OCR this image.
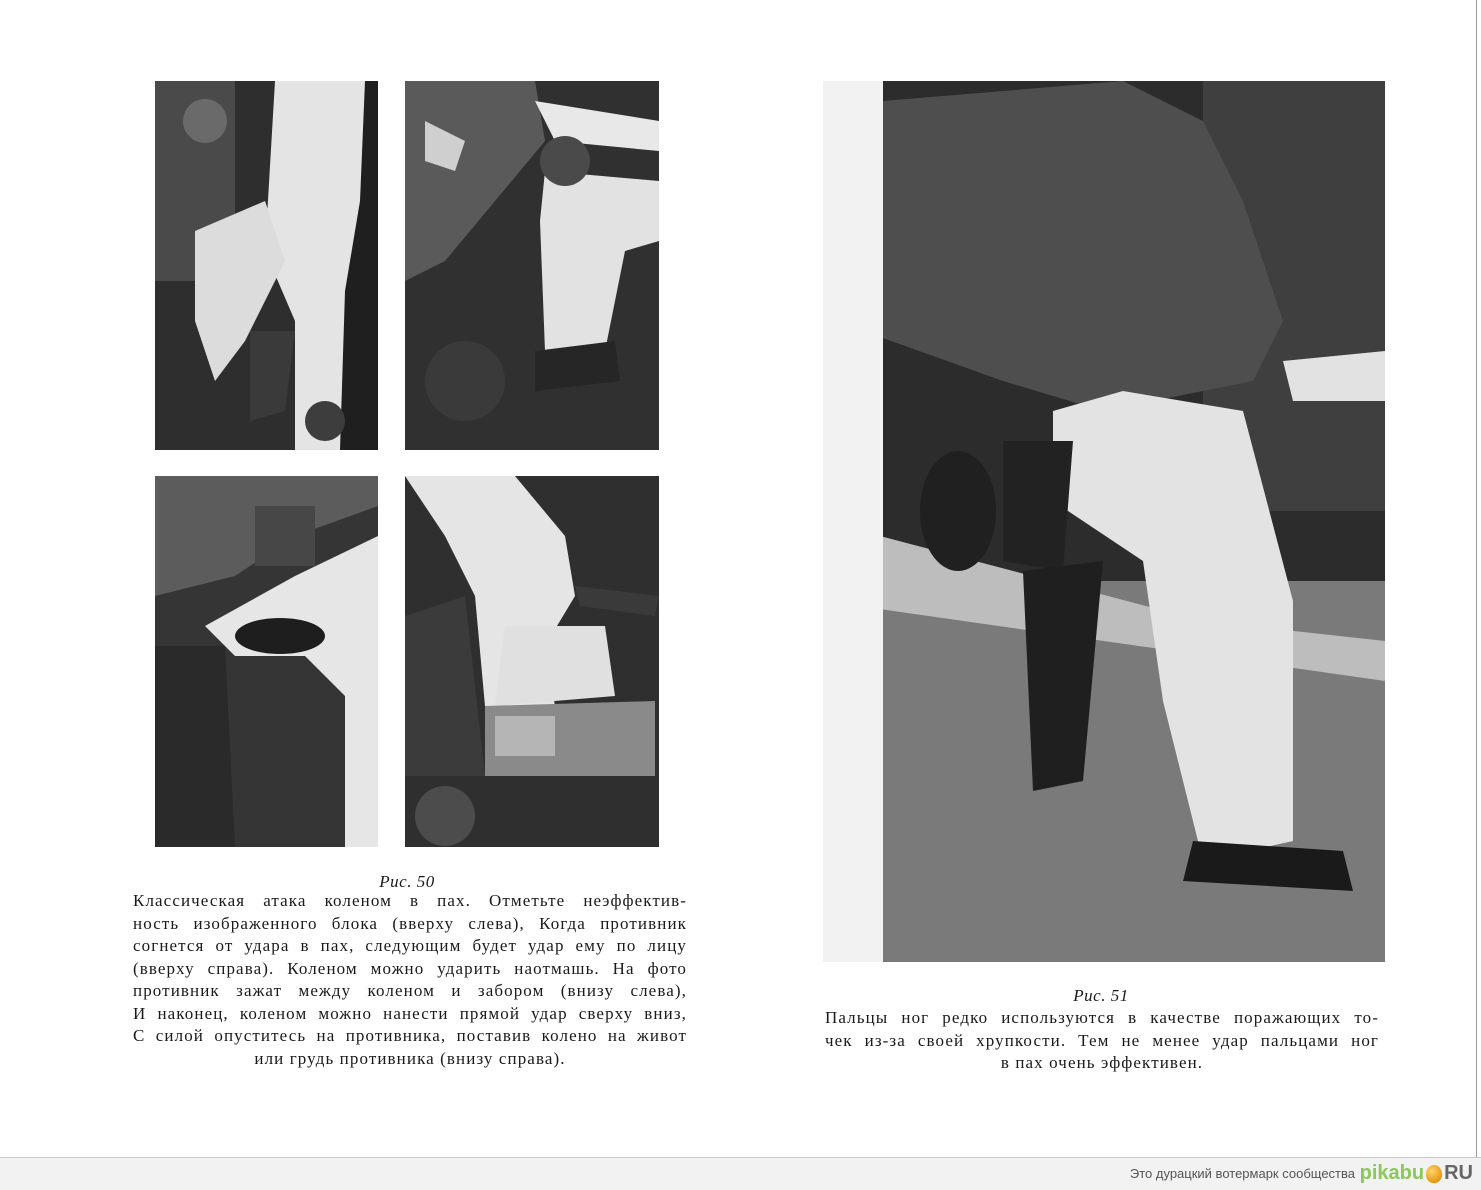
Рис. 50
Классическая атака коленом в пах. Отметьте неэффектив-
ность изображенного блока (вверху слева), Когда противник
согнется от удара в пах, следующим будет удар ему по лицу
(вверху справа). Коленом можно ударить наотмашь. На фото
противник зажат между коленом и забором (внизу слева),
И наконец, коленом можно нанести прямой удар сверху вниз,
С силой опуститесь на противника, поставив колено на живот
или грудь противника (внизу справа).
Рис. 51
Пальцы ног редко используются в качестве поражающих то-
чек из-за своей хрупкости. Тем не менее удар пальцами ног
в пах очень эффективен.
Это дурацкий вотермарк сообщества pikabu RU
